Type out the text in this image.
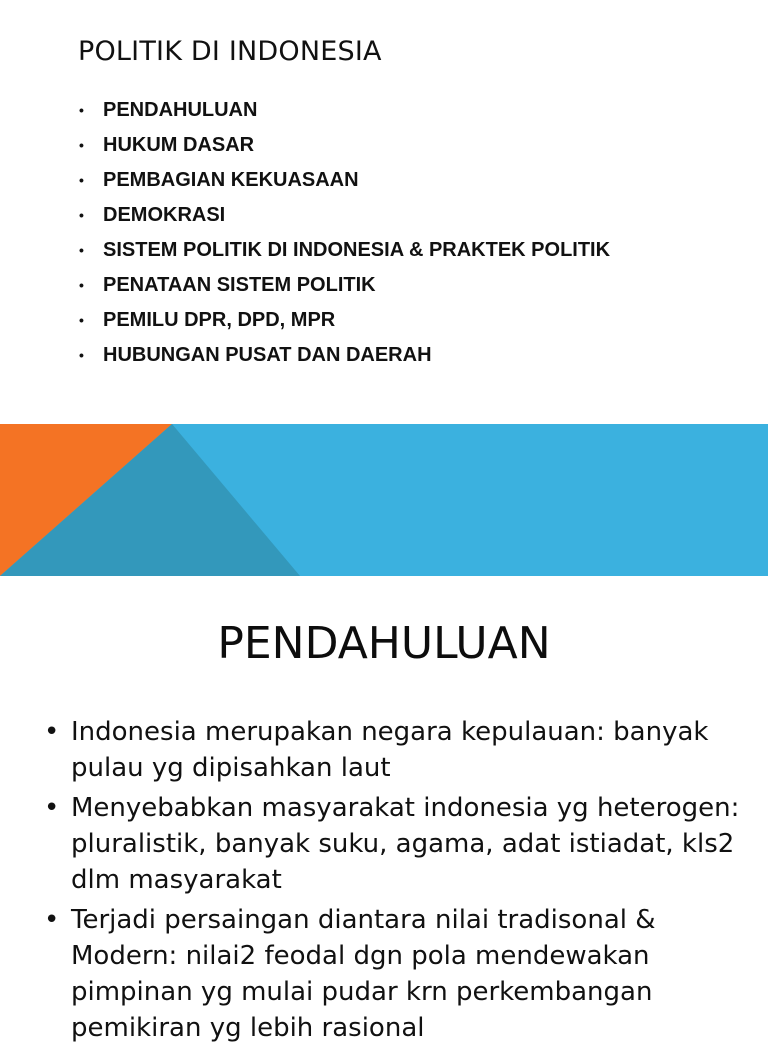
POLITIK DI INDONESIA
• PENDAHULUAN
• HUKUM DASAR
• PEMBAGIAN KEKUASAAN
• DEMOKRASI
• SISTEM POLITIK DI INDONESIA & PRAKTEK POLITIK
• PENATAAN SISTEM POLITIK
• PEMILU DPR, DPD, MPR
• HUBUNGAN PUSAT DAN DAERAH
PENDAHULUAN
• Indonesia merupakan negara kepulauan: banyak pulau yg dipisahkan laut
• Menyebabkan masyarakat indonesia yg heterogen: pluralistik, banyak suku, agama, adat istiadat, kls2 dlm masyarakat
• Terjadi persaingan diantara nilai tradisonal & Modern: nilai2 feodal dgn pola mendewakan pimpinan yg mulai pudar krn perkembangan pemikiran yg lebih rasional
